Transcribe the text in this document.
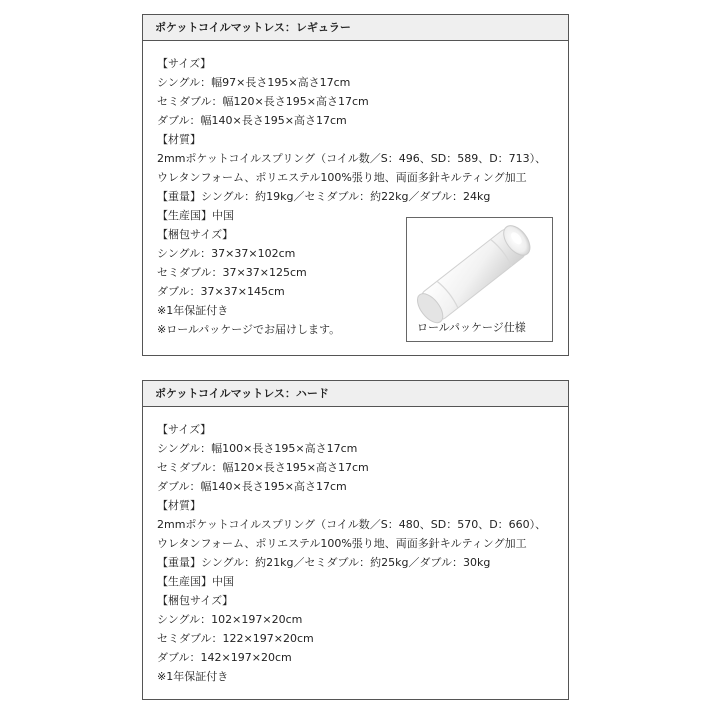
ポケットコイルマットレス：レギュラー
【サイズ】
シングル：幅97×長さ195×高さ17cm
セミダブル：幅120×長さ195×高さ17cm
ダブル：幅140×長さ195×高さ17cm
【材質】
2mmポケットコイルスプリング（コイル数／S：496、SD：589、D：713）、
ウレタンフォーム、ポリエステル100%張り地、両面多針キルティング加工
【重量】シングル：約19kg／セミダブル：約22kg／ダブル：24kg
【生産国】中国
【梱包サイズ】
シングル：37×37×102cm
セミダブル：37×37×125cm
ダブル：37×37×145cm
※1年保証付き
※ロールパッケージでお届けします。	ロールパッケージ仕様
ポケットコイルマットレス：ハード
【サイズ】
シングル：幅100×長さ195×高さ17cm
セミダブル：幅120×長さ195×高さ17cm
ダブル：幅140×長さ195×高さ17cm
【材質】
2mmポケットコイルスプリング（コイル数／S：480、SD：570、D：660）、
ウレタンフォーム、ポリエステル100%張り地、両面多針キルティング加工
【重量】シングル：約21kg／セミダブル：約25kg／ダブル：30kg
【生産国】中国
【梱包サイズ】
シングル：102×197×20cm
セミダブル：122×197×20cm
ダブル：142×197×20cm
※1年保証付き
